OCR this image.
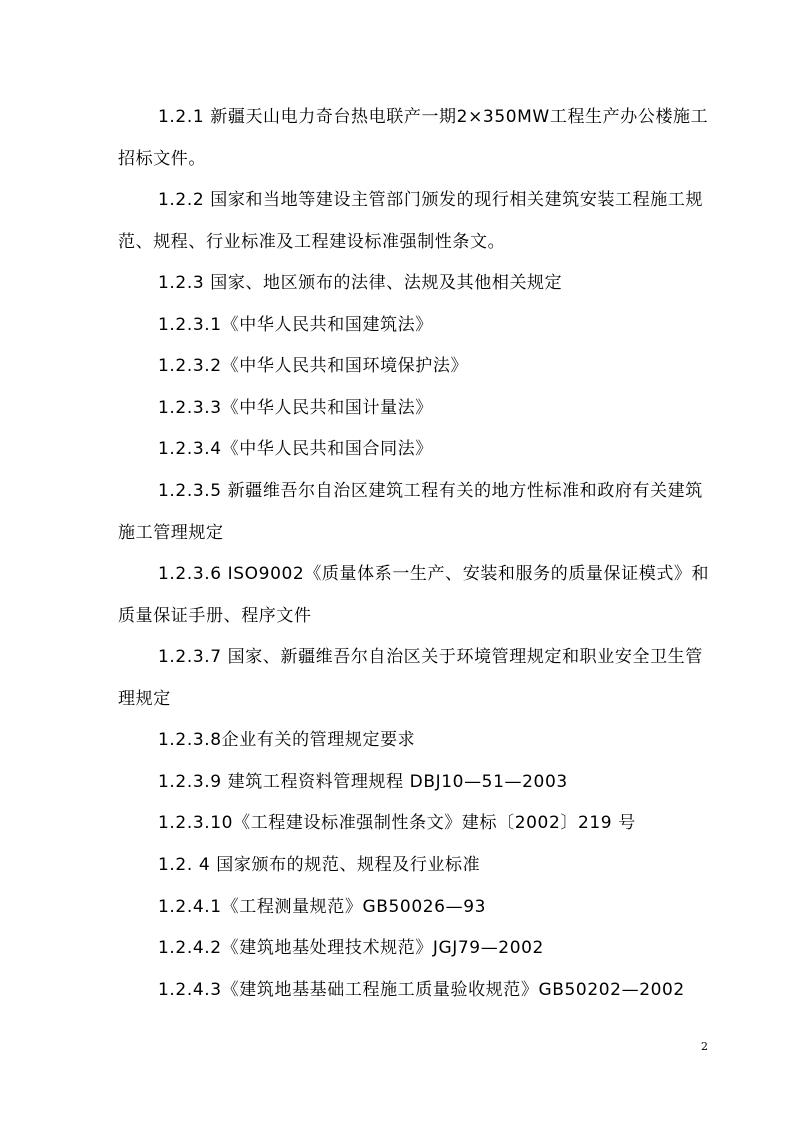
1.2.1 新疆天山电力奇台热电联产一期2×350MW工程生产办公楼施工招标文件。

1.2.2 国家和当地等建设主管部门颁发的现行相关建筑安装工程施工规范、规程、行业标准及工程建设标准强制性条文。

1.2.3 国家、地区颁布的法律、法规及其他相关规定

1.2.3.1《中华人民共和国建筑法》

1.2.3.2《中华人民共和国环境保护法》

1.2.3.3《中华人民共和国计量法》

1.2.3.4《中华人民共和国合同法》

1.2.3.5 新疆维吾尔自治区建筑工程有关的地方性标准和政府有关建筑施工管理规定

1.2.3.6 ISO9002《质量体系一生产、安装和服务的质量保证模式》和质量保证手册、程序文件

1.2.3.7 国家、新疆维吾尔自治区关于环境管理规定和职业安全卫生管理规定

1.2.3.8企业有关的管理规定要求

1.2.3.9 建筑工程资料管理规程 DBJ10—51—2003

1.2.3.10《工程建设标准强制性条文》建标〔2002〕219 号

1.2. 4 国家颁布的规范、规程及行业标准

1.2.4.1《工程测量规范》GB50026—93

1.2.4.2《建筑地基处理技术规范》JGJ79—2002

1.2.4.3《建筑地基基础工程施工质量验收规范》GB50202—2002

2
